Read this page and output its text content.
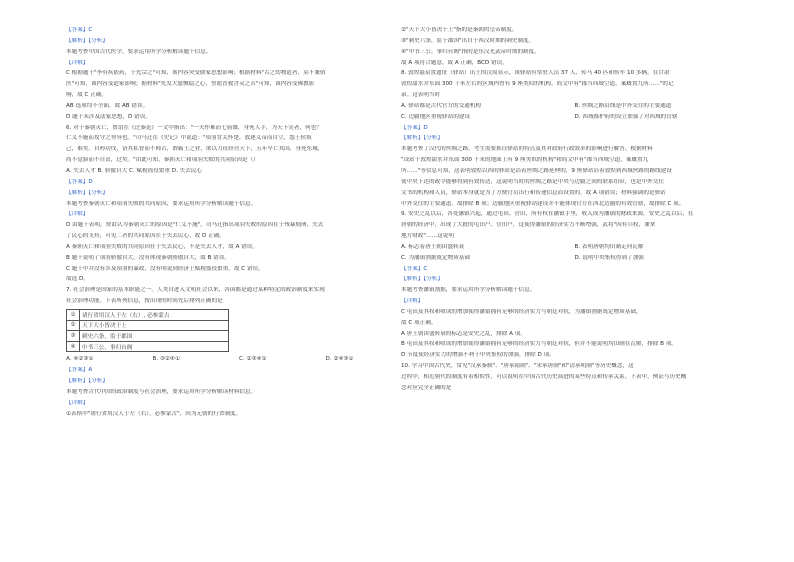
【答案】C
【解析】【分析】
本题考查中国古代医学，要求运用所学分析解读题干信息。
【详解】
C 根据题干"李有疾依药，于先宗之"可知，该内容突受儒家思想影响；根据材料"古之幼物道者，莫不兼俗
医"可知，该内容受道家影响；据材料"先发大慈恻隐之心，誓愿普救含灵之苦"可知，该内容受佛教影
响，故 C 正确。
AB 选项均不全面，故 AB 错误。
D 题干未涉及法家思想，D 错误。
6. 对于秦朝灭亡，贾谊在《过秦论》一文中指出："一夫作难而七庙隳，身死人手，为天下笑者，何也？
仁义不施而攻守之势异也。"司马迁在《史记》中说道："项羽背关怀楚，放逐义帝而自立，怨王侯叛
己，难矣。自矜功伐，奋其私智而不师古，谓霸王之业，欲以力征经营天下，五年卒亡其国，身死东城，
尚不觉寤而不自责，过矣。"由此可知，秦朝灭亡和项羽失败的共同原因是（）
A. 失去人才 B. 骄傲自大 C. 赋税徭役繁重 D. 失去民心
【答案】D
【解析】【分析】
本题考查秦朝灭亡和项羽失败的共同原因，要求运用所学分析解读题干信息。
【详解】
D 由题干表明，贾谊认为秦朝灭亡的原因是"仁义不施"，司马迁指出项羽失败的原因在于残暴刻薄，失去
了民心的支持，可见二者的共同原因在于失去民心，故 D 正确。
A 秦朝灭亡和项羽失败的共同原因在于失去民心，不是失去人才，故 A 错误。
B 题干说明了项羽骄傲自大，没有体现秦朝骄傲自大，故 B 错误。
C 题干中并没有涉及项羽的暴政，没有明说到经济上赋税徭役繁重，故 C 错误。
故选 D。
7. 社会治理是国家的基本职能之一。人类自进入文明社会以来，各国都是通过某种特定的政治制度来实现
社会治理功能。下表所列信息，按出现的时间先后排列正确的是
①	诸行省用汉人于左（右）, 必参蒙古
②	天下大小皆决于上
③	刺史六条，监于郡国
④	中书三公，事归台阁
A. ④②③①	B. ③②④①	C. ②③④①	D. ②④③①
【答案】A
【解析】【分析】
本题考查古代中国的政治制度与社会治理，要求运用所学分析解读材料信息。
【详解】
①表格中"诸行省用汉人于左（右），必参蒙古"，因为元朝的行省制度。
②"天下大小皆决于上"指的是秦朝的皇帝制度。
③"刺史六条，监于郡国"出自于西汉时期的刺史制度。
④"中书三公，事归台阁"指的是东汉光武帝时期的制度。
故 A 项符合题意，故 A 正确，BCD 错误。
8. 敦煌悬泉置遗址（驿站）出土的汉简显示，该驿站有常驻人员 37 人、传马 40 匹和传车 10 多辆。在甘肃
敦煌甜水井东面 300 千米左右的区域内曾有 9 座类似的机构。简文中有"郡当西域空道，案厩置九所……"的记
录。这表明当时
A. 驿站都是古代官方的交通机构	B. 丝绸之路沿线是中外交往的主要通道
C. 边疆地区重视驿站的建设	D. 西域都护府的设立加强了对西域的管辖
【答案】D
【解析】【分析】
本题考查了汉代的丝绸之路，考生需要抓住驿站的特点及其对政府行政效率的影响进行解答。根据材料
"设站于敦煌甜水井东面 300 千米的地面上有 9 座类似的机构"和简文中有"郡当西域空道，案厩置九
所……"等信息可知，这表明敦煌以西的驿站是沿着丝绸之路延伸的，9 座驿站沿着敦煌到西域丝路的路线建设
使中央下达的政令能够得到有效传达，这说明当时的丝绸之路是中央与边疆之间的联系纽带，也是中外交往
文书的机构和人员，驿站本身就是为了方便官员出行和传递信息而设置的，故 A 项错误；材料强调的是驿站
中外交往的主要通道，故排除 B 项；边疆地区重视驿站建设并不能体现官方在西北边疆的有效管辖，故排除 C 项。
9. 安史之乱以后，各处藩镇兴起，通过屯田、营田，所有权在藩镇手里，收入成为藩镇的财政来源。安史之乱以后，在
唐朝的经济中，出现了大批的屯田户、营田户，这使得藩镇的经济实力不断增强，武将"因有兵权，兼掌
地方财政"……这说明
A. 标志着唐王朝由盛转衰	B. 表明唐朝均田制走向瓦解
C. 为藩镇割据奠定物质基础	D. 说明中央集权得到了加强
【答案】C
【解析】【分析】
本题考查藩镇割据，要求运用所学分析解读题干信息。
【详解】
C 屯田及其权和收成的增加使得藩镇拥有足够的经济实力与朝廷对抗，为藩镇割据奠定物质基础，
故 C 项正确。
A 唐王朝由盛转衰的标志是安史之乱，排除 A 项。
B 屯田及其权和收成的增加使得藩镇拥有足够的经济实力与朝廷对抗，但并不能说明均田制在瓦解，排除 B 项。
D 节度使经济实力的增强不利于中央集权的加强，排除 D 项。
10. 学习中国古代史，常见"汉承秦制"、"唐承隋制"、"宋承唐制"和"清承明制"等历史概念，这
过程中，相近朝代的制度有着相似性，可以说明在中国古代历史演进的某些特点和传承关系。下表中，例证与历史概
念对应完全正确的是
